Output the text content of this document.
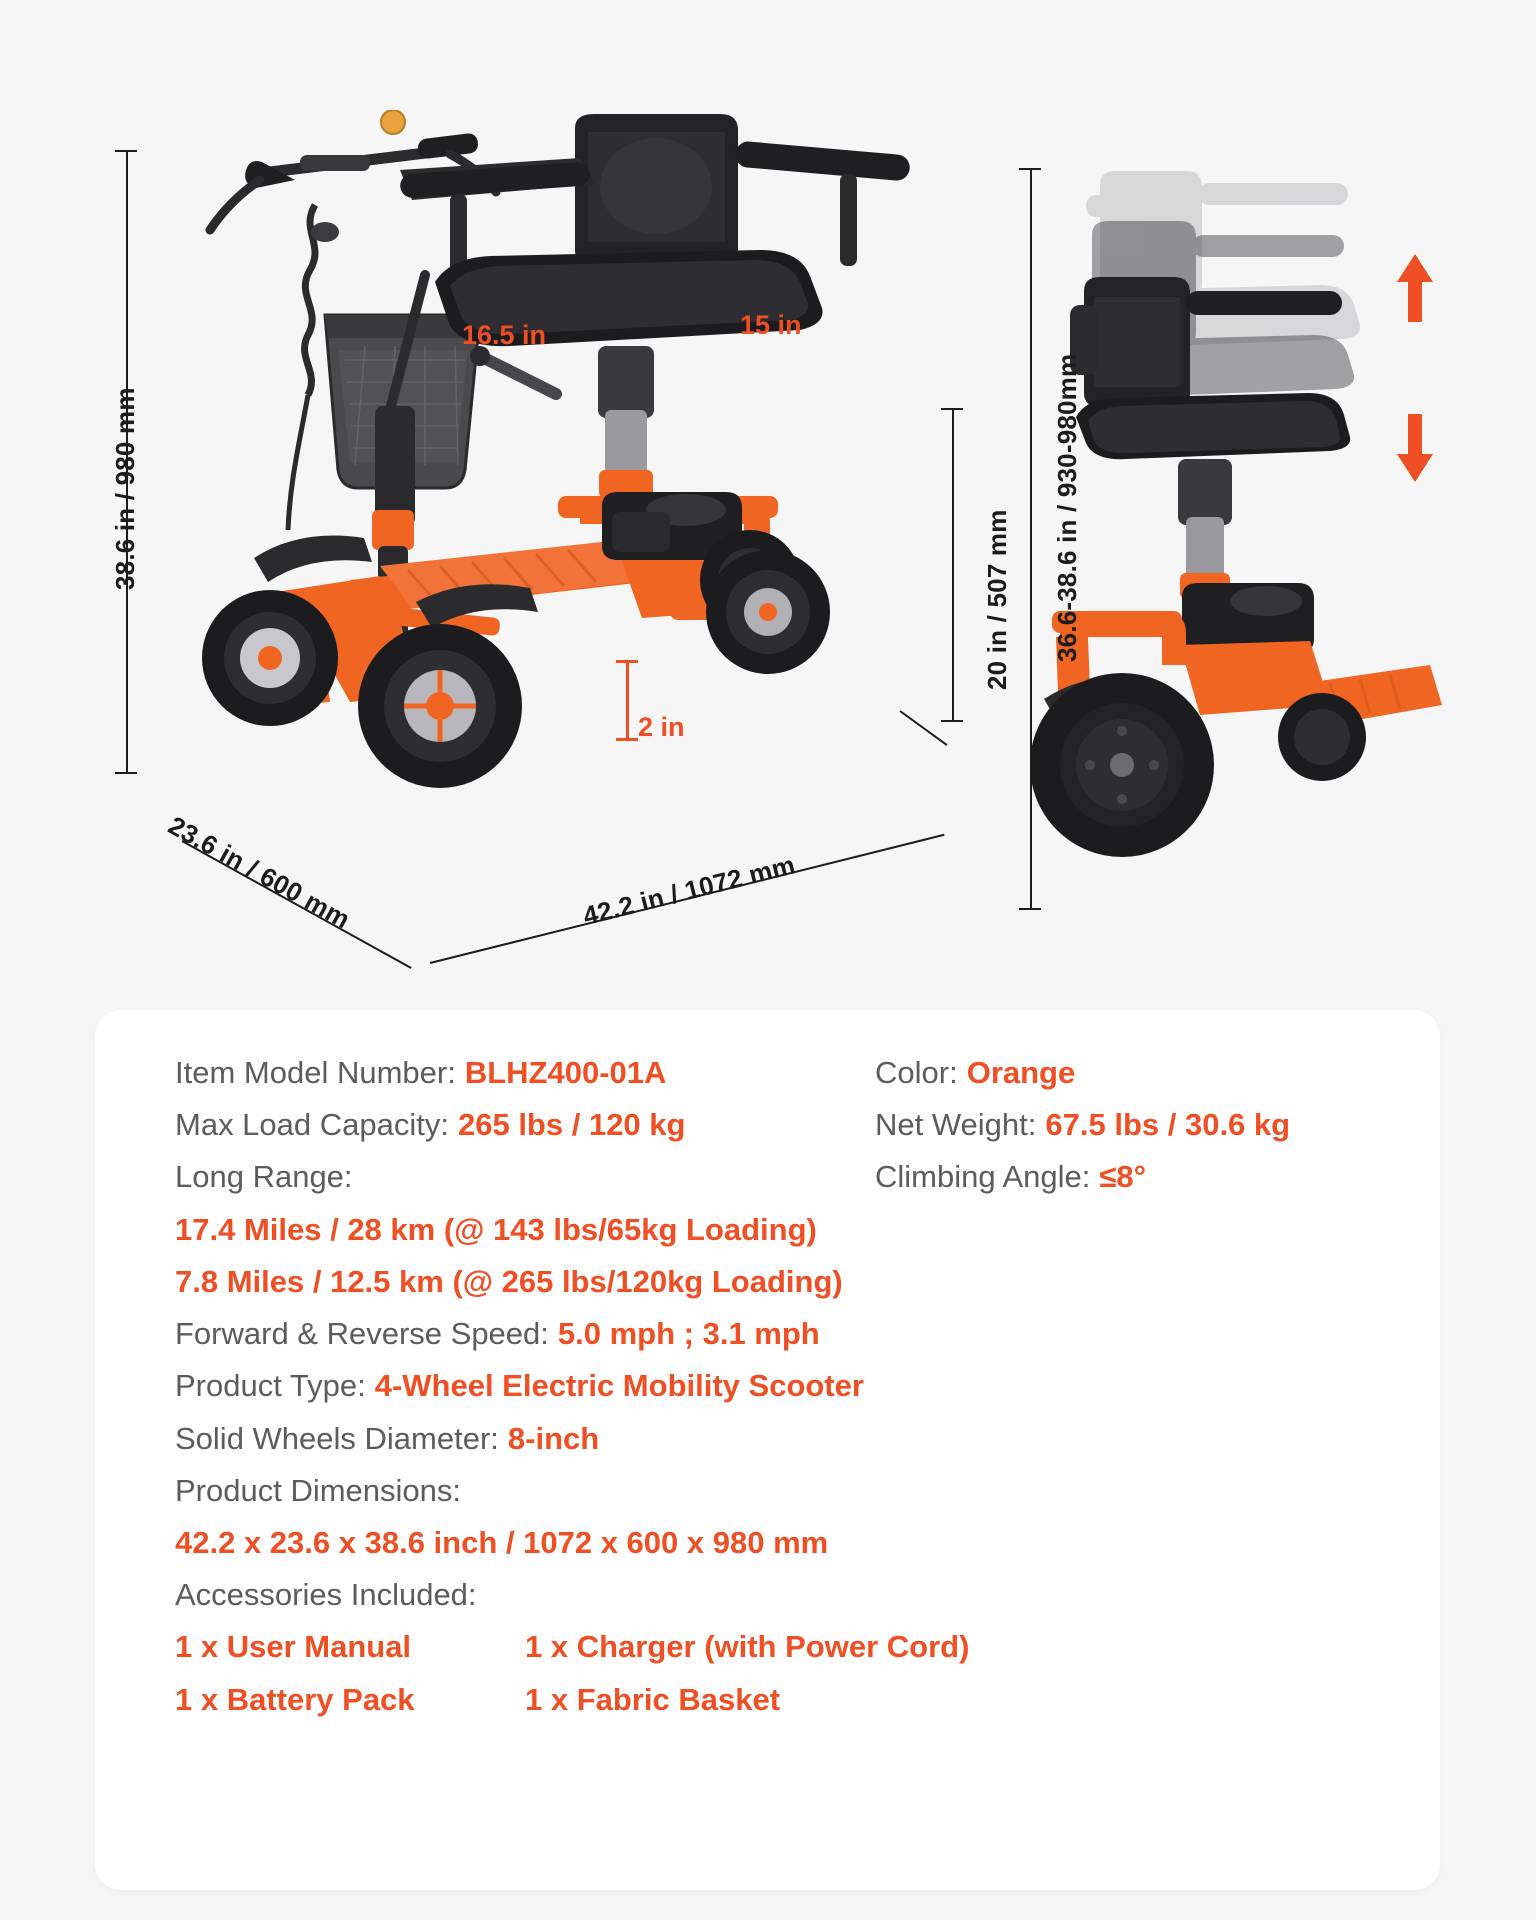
38.6 in / 980 mm
16.5 in	15 in
2 in
20 in / 507 mm
23.6 in / 600 mm	42.2 in / 1072 mm
36.6-38.6 in / 930-980mm
Item Model Number: BLHZ400-01A	Color: Orange
Max Load Capacity: 265 lbs / 120 kg	Net Weight: 67.5 lbs / 30.6 kg
Long Range:	Climbing Angle: ≤8°
17.4 Miles / 28 km (@ 143 lbs/65kg Loading)
7.8 Miles / 12.5 km (@ 265 lbs/120kg Loading)
Forward & Reverse Speed: 5.0 mph ; 3.1 mph
Product Type: 4-Wheel Electric Mobility Scooter
Solid Wheels Diameter: 8-inch
Product Dimensions:
42.2 x 23.6 x 38.6 inch / 1072 x 600 x 980 mm
Accessories Included:
1 x User Manual	1 x Charger (with Power Cord)
1 x Battery Pack	1 x Fabric Basket
